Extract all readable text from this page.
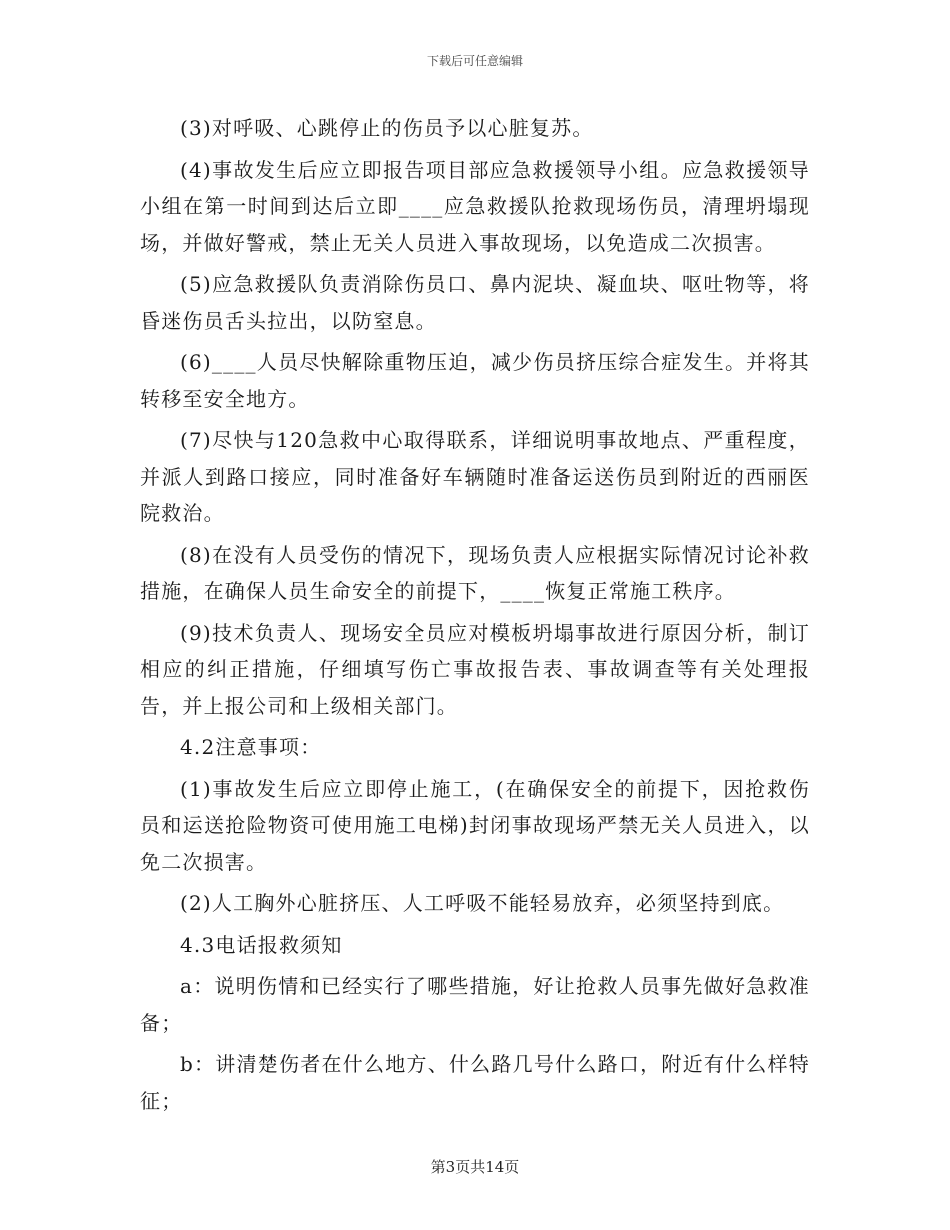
下载后可任意编辑

(3)对呼吸、心跳停止的伤员予以心脏复苏。

(4)事故发生后应立即报告项目部应急救援领导小组。应急救援领导小组在第一时间到达后立即____应急救援队抢救现场伤员，清理坍塌现场，并做好警戒，禁止无关人员进入事故现场，以免造成二次损害。

(5)应急救援队负责消除伤员口、鼻内泥块、凝血块、呕吐物等，将昏迷伤员舌头拉出，以防窒息。

(6)____人员尽快解除重物压迫，减少伤员挤压综合症发生。并将其转移至安全地方。

(7)尽快与120急救中心取得联系，详细说明事故地点、严重程度，并派人到路口接应，同时准备好车辆随时准备运送伤员到附近的西丽医院救治。

(8)在没有人员受伤的情况下，现场负责人应根据实际情况讨论补救措施，在确保人员生命安全的前提下，____恢复正常施工秩序。

(9)技术负责人、现场安全员应对模板坍塌事故进行原因分析，制订相应的纠正措施，仔细填写伤亡事故报告表、事故调查等有关处理报告，并上报公司和上级相关部门。

4.2注意事项：

(1)事故发生后应立即停止施工，(在确保安全的前提下，因抢救伤员和运送抢险物资可使用施工电梯)封闭事故现场严禁无关人员进入，以免二次损害。

(2)人工胸外心脏挤压、人工呼吸不能轻易放弃，必须坚持到底。

4.3电话报救须知

a：说明伤情和已经实行了哪些措施，好让抢救人员事先做好急救准备；

b：讲清楚伤者在什么地方、什么路几号什么路口，附近有什么样特征；

第3页共14页
